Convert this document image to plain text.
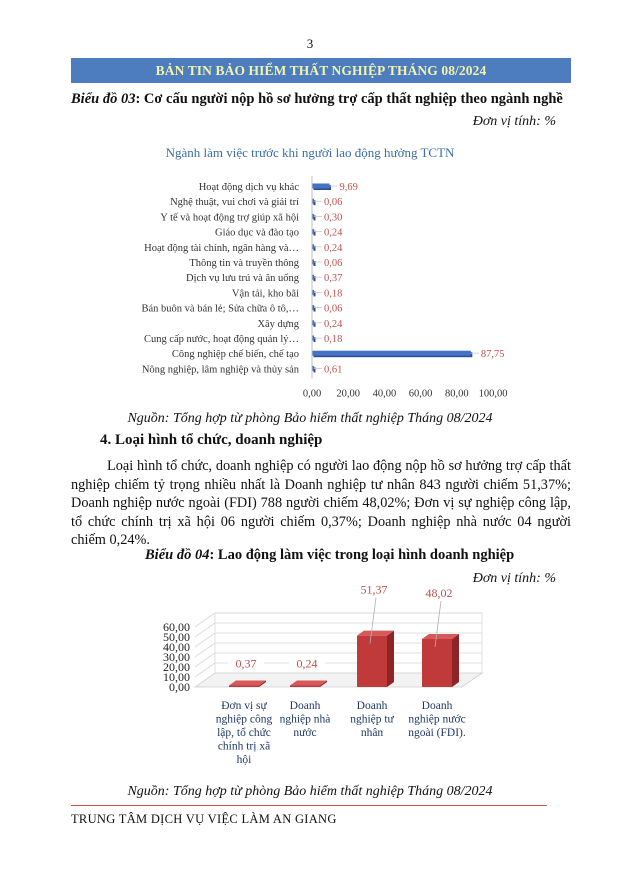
3
BẢN TIN BẢO HIỂM THẤT NGHIỆP THÁNG 08/2024
Biểu đồ 03: Cơ cấu người nộp hồ sơ hưởng trợ cấp thất nghiệp theo ngành nghề
Đơn vị tính: %
Ngành làm việc trước khi người lao động hưởng TCTN
Hoạt động dịch vụ khác	9,69
Nghệ thuật, vui chơi và giải trí 0,06
Y tế và hoạt động trợ giúp xã hội 0,30
Giáo dục và đào tạo 0,24
Hoạt động tài chính, ngân hàng và… 0,24
Thông tin và truyền thông 0,06
Dịch vụ lưu trú và ăn uống 0,37
Vận tải, kho bãi 0,18
Bán buôn và bán lẻ; Sửa chữa ô tô,… 0,06
Xây dựng 0,24
Cung cấp nước, hoạt động quản lý… 0,18
Công nghiệp chế biến, chế tạo	87,75
Nông nghiệp, lâm nghiệp và thủy sản 0,61
0,00 20,00 40,00 60,00 80,00 100,00
Nguồn: Tổng hợp từ phòng Bảo hiểm thất nghiệp Tháng 08/2024
4. Loại hình tổ chức, doanh nghiệp
Loại hình tổ chức, doanh nghiệp có người lao động nộp hồ sơ hưởng trợ cấp thất nghiệp chiếm tỷ trọng nhiều nhất là Doanh nghiệp tư nhân 843 người chiếm 51,37%; Doanh nghiệp nước ngoài (FDI) 788 người chiếm 48,02%; Đơn vị sự nghiệp công lập, tổ chức chính trị xã hội 06 người chiếm 0,37%; Doanh nghiệp nhà nước 04 người chiếm 0,24%.
Biểu đồ 04: Lao động làm việc trong loại hình doanh nghiệp
Đơn vị tính: %
0,00
10,00
20,00
30,00
40,00
50,00
60,00
0,37
Đơn vị sự
nghiệp công
lập, tổ chức
chính trị xã
hội
0,24
Doanh
nghiệp nhà
nước
51,37
Doanh
nghiệp tư
nhân
48,02
Doanh
nghiệp nước
ngoài (FDI).
Nguồn: Tổng hợp từ phòng Bảo hiểm thất nghiệp Tháng 08/2024
TRUNG TÂM DỊCH VỤ VIỆC LÀM AN GIANG
